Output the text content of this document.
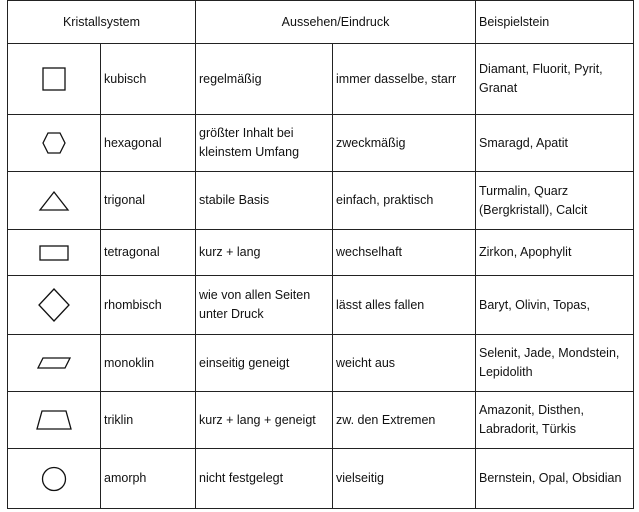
Kristallsystem		Aussehen/Eindruck		Beispielstein

	kubisch	regelmäßig	immer dasselbe, starr	Diamant, Fluorit, Pyrit, Granat

	hexagonal	größter Inhalt bei kleinstem Umfang	zweckmäßig	Smaragd, Apatit

	trigonal	stabile Basis	einfach, praktisch	Turmalin, Quarz (Bergkristall), Calcit

	tetragonal	kurz + lang	wechselhaft	Zirkon, Apophylit

	rhombisch	wie von allen Seiten unter Druck	lässt alles fallen	Baryt, Olivin, Topas,

	monoklin	einseitig geneigt	weicht aus	Selenit, Jade, Mondstein, Lepidolith

	triklin	kurz + lang + geneigt	zw. den Extremen	Amazonit, Disthen, Labradorit, Türkis

	amorph	nicht festgelegt	vielseitig	Bernstein, Opal, Obsidian
